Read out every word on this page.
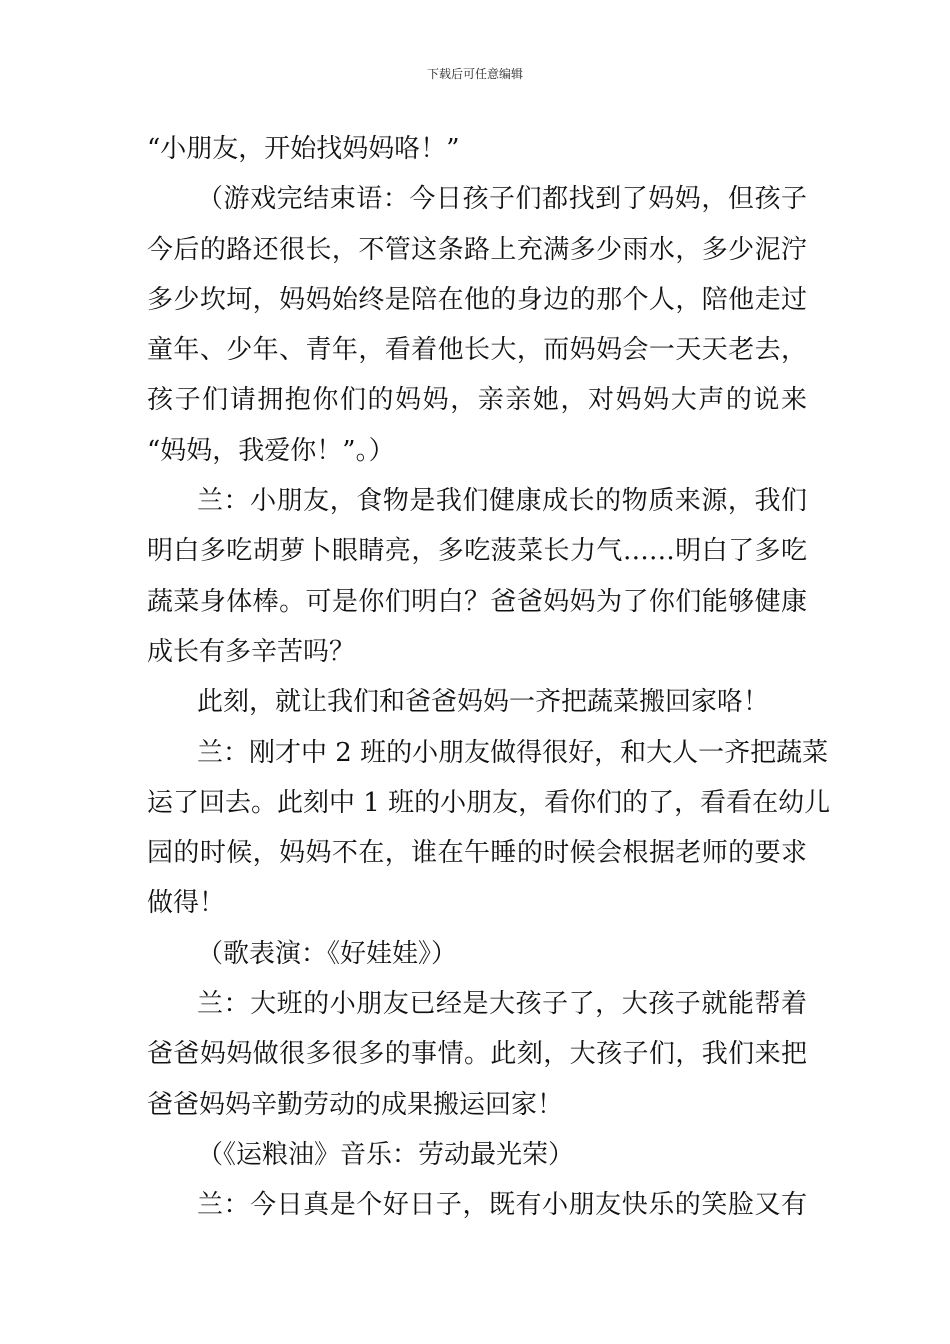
下载后可任意编辑
“小朋友，开始找妈妈咯！”
（游戏完结束语：今日孩子们都找到了妈妈，但孩子
今后的路还很长，不管这条路上充满多少雨水，多少泥泞
多少坎坷，妈妈始终是陪在他的身边的那个人，陪他走过
童年、少年、青年，看着他长大，而妈妈会一天天老去，
孩子们请拥抱你们的妈妈，亲亲她，对妈妈大声的说来
“妈妈，我爱你！”。）
兰：小朋友，食物是我们健康成长的物质来源，我们
明白多吃胡萝卜眼睛亮，多吃菠菜长力气……明白了多吃
蔬菜身体棒。可是你们明白？爸爸妈妈为了你们能够健康
成长有多辛苦吗？
此刻，就让我们和爸爸妈妈一齐把蔬菜搬回家咯！
兰：刚才中 2 班的小朋友做得很好，和大人一齐把蔬菜
运了回去。此刻中 1 班的小朋友，看你们的了，看看在幼儿
园的时候，妈妈不在，谁在午睡的时候会根据老师的要求
做得！
（歌表演：《好娃娃》）
兰：大班的小朋友已经是大孩子了，大孩子就能帮着
爸爸妈妈做很多很多的事情。此刻，大孩子们，我们来把
爸爸妈妈辛勤劳动的成果搬运回家！
（《运粮油》音乐：劳动最光荣）
兰：今日真是个好日子，既有小朋友快乐的笑脸又有
